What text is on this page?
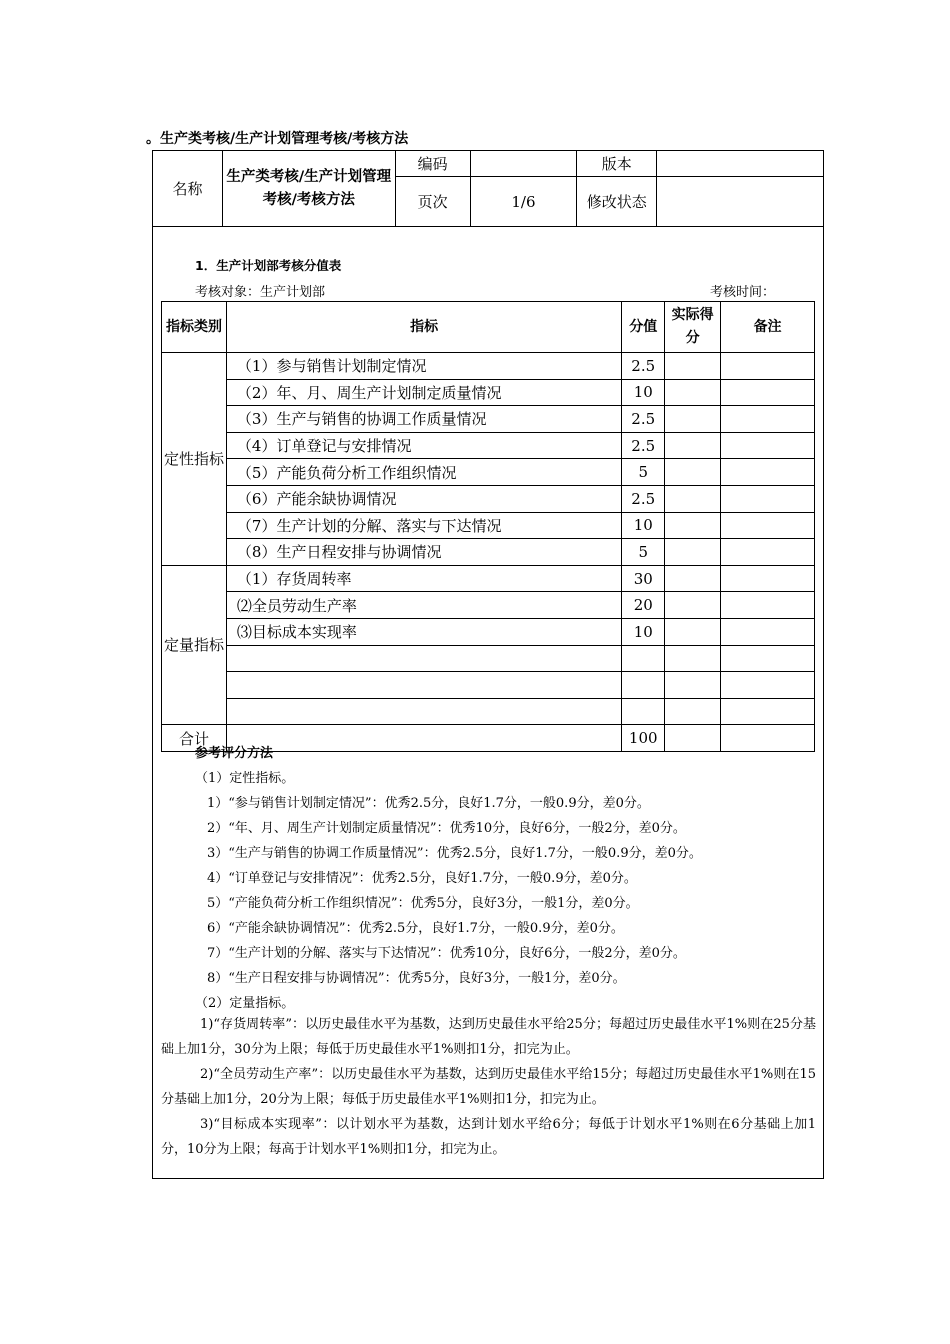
。生产类考核/生产计划管理考核/考核方法
名称	生产类考核/生产计划管理考核/考核方法	编码		版本	
		页次	1/6	修改状态	
1．生产计划部考核分值表
考核对象：生产计划部	考核时间：
指标类别	指标	分值	实际得分	备注
定性指标	（1）参与销售计划制定情况	2.5		
	（2）年、月、周生产计划制定质量情况	10		
	（3）生产与销售的协调工作质量情况	2.5		
	（4）订单登记与安排情况	2.5		
	（5）产能负荷分析工作组织情况	5		
	（6）产能余缺协调情况	2.5		
	（7）生产计划的分解、落实与下达情况	10		
	（8）生产日程安排与协调情况	5		
定量指标	（1）存货周转率	30		
	⑵全员劳动生产率	20		
	⑶目标成本实现率	10		

合计		100		
参考评分方法
（1）定性指标。
1）“参与销售计划制定情况”：优秀2.5分，良好1.7分，一般0.9分，差0分。
2）“年、月、周生产计划制定质量情况”：优秀10分，良好6分，一般2分，差0分。
3）“生产与销售的协调工作质量情况”：优秀2.5分，良好1.7分，一般0.9分，差0分。
4）“订单登记与安排情况”：优秀2.5分，良好1.7分，一般0.9分，差0分。
5）“产能负荷分析工作组织情况”：优秀5分，良好3分，一般1分，差0分。
6）“产能余缺协调情况”：优秀2.5分，良好1.7分，一般0.9分，差0分。
7）“生产计划的分解、落实与下达情况”：优秀10分，良好6分，一般2分，差0分。
8）“生产日程安排与协调情况”：优秀5分，良好3分，一般1分，差0分。
（2）定量指标。
1)“存货周转率”：以历史最佳水平为基数，达到历史最佳水平给25分；每超过历史最佳水平1%则在25分基础上加1分，30分为上限；每低于历史最佳水平1%则扣1分，扣完为止。
2)“全员劳动生产率”：以历史最佳水平为基数，达到历史最佳水平给15分；每超过历史最佳水平1%则在15分基础上加1分，20分为上限；每低于历史最佳水平1%则扣1分，扣完为止。
3)“目标成本实现率”：以计划水平为基数，达到计划水平给6分；每低于计划水平1%则在6分基础上加1分，10分为上限；每高于计划水平1%则扣1分，扣完为止。
